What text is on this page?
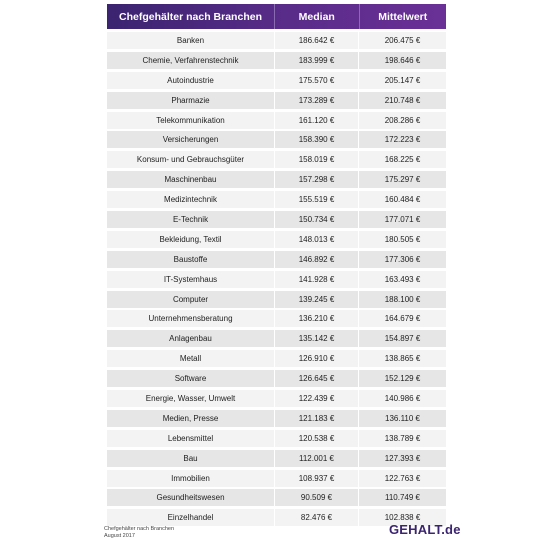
Chefgehälter nach Branchen	Median	Mittelwert
Banken	186.642 €	206.475 €
Chemie, Verfahrenstechnik	183.999 €	198.646 €
Autoindustrie	175.570 €	205.147 €
Pharmazie	173.289 €	210.748 €
Telekommunikation	161.120 €	208.286 €
Versicherungen	158.390 €	172.223 €
Konsum- und Gebrauchsgüter	158.019 €	168.225 €
Maschinenbau	157.298 €	175.297 €
Medizintechnik	155.519 €	160.484 €
E-Technik	150.734 €	177.071 €
Bekleidung, Textil	148.013 €	180.505 €
Baustoffe	146.892 €	177.306 €
IT-Systemhaus	141.928 €	163.493 €
Computer	139.245 €	188.100 €
Unternehmensberatung	136.210 €	164.679 €
Anlagenbau	135.142 €	154.897 €
Metall	126.910 €	138.865 €
Software	126.645 €	152.129 €
Energie, Wasser, Umwelt	122.439 €	140.986 €
Medien, Presse	121.183 €	136.110 €
Lebensmittel	120.538 €	138.789 €
Bau	112.001 €	127.393 €
Immobilien	108.937 €	122.763 €
Gesundheitswesen	90.509 €	110.749 €
Einzelhandel	82.476 €	102.838 €
Chefgehälter nach Branchen
August 2017	GEHALT.de
